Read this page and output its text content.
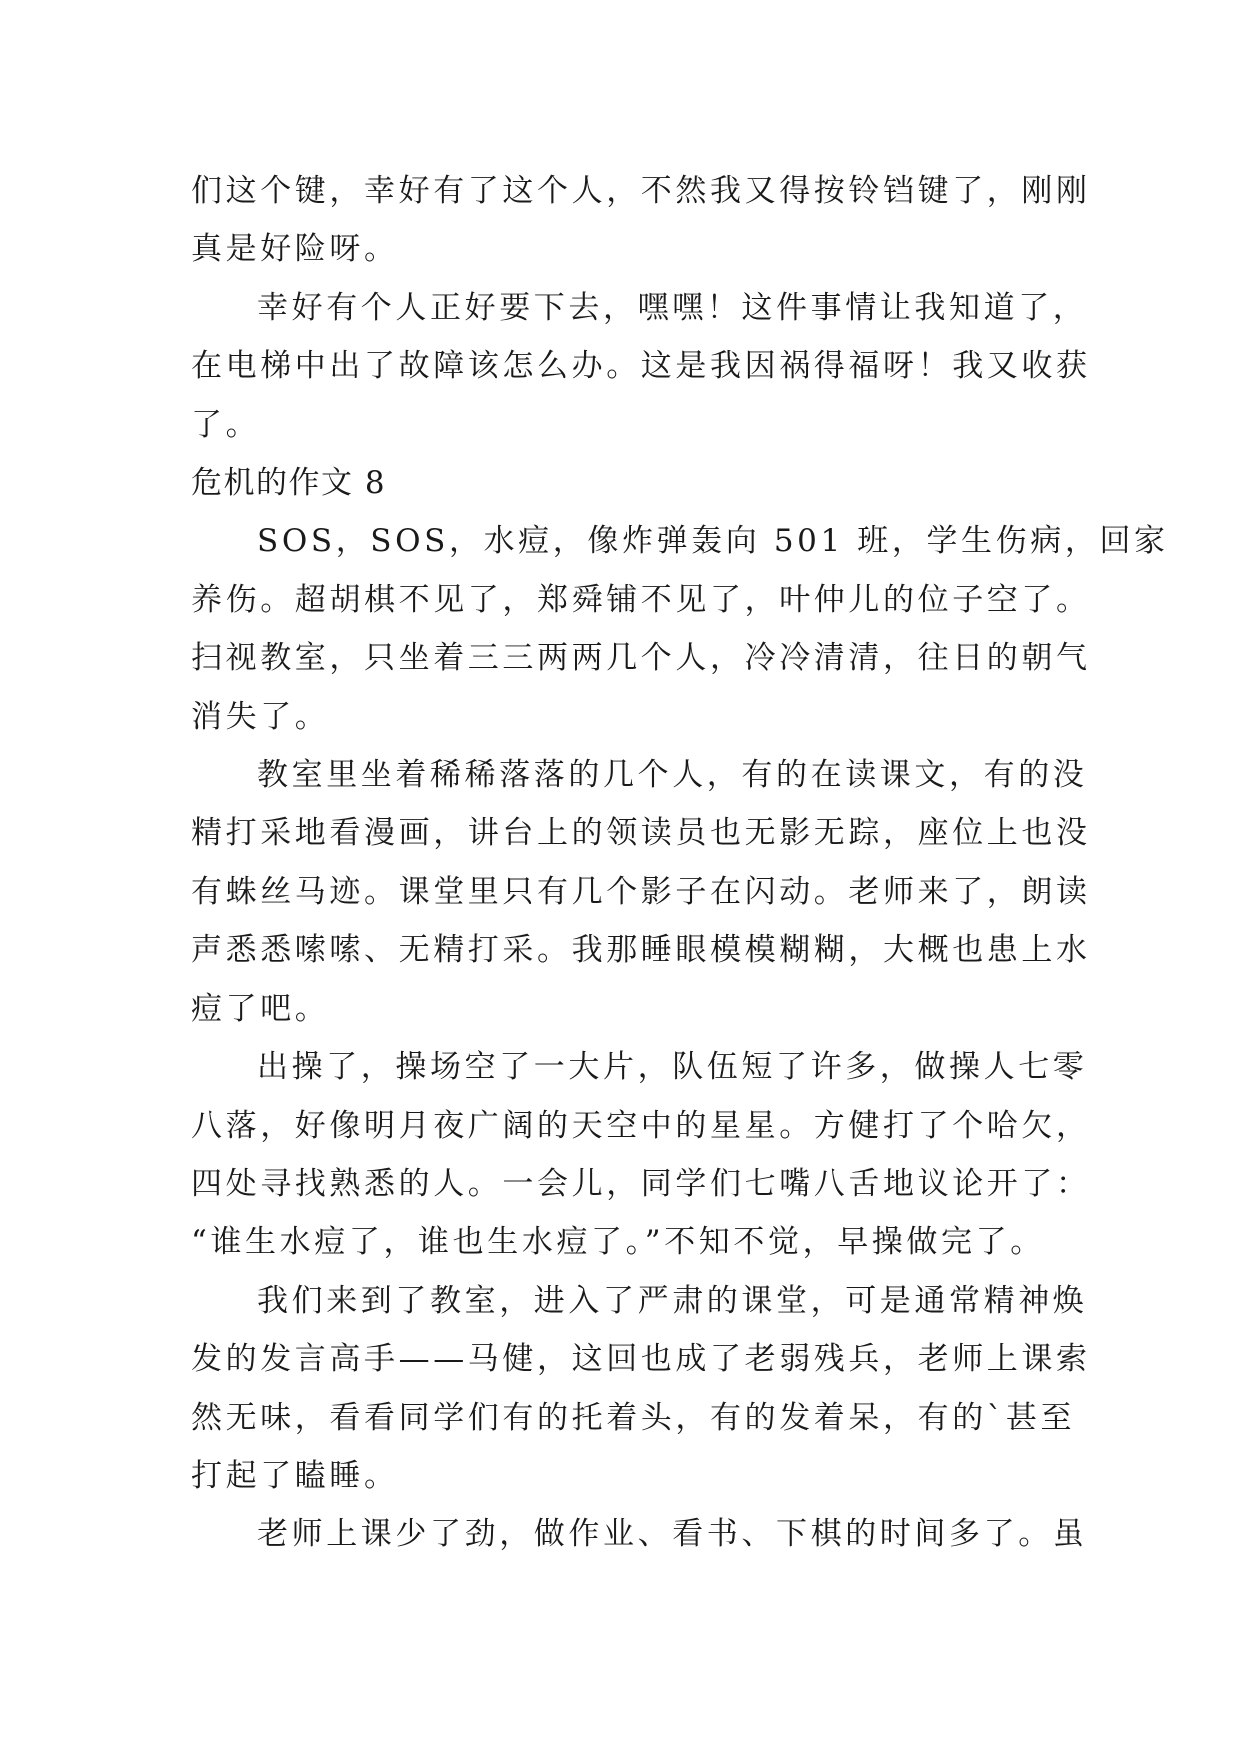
们这个键，幸好有了这个人，不然我又得按铃铛键了，刚刚

真是好险呀。

幸好有个人正好要下去，嘿嘿！这件事情让我知道了，

在电梯中出了故障该怎么办。这是我因祸得福呀！我又收获

了。

危机的作文 8

SOS，SOS，水痘，像炸弹轰向 501 班，学生伤病，回家

养伤。超胡棋不见了，郑舜铺不见了，叶仲儿的位子空了。

扫视教室，只坐着三三两两几个人，冷冷清清，往日的朝气

消失了。

教室里坐着稀稀落落的几个人，有的在读课文，有的没

精打采地看漫画，讲台上的领读员也无影无踪，座位上也没

有蛛丝马迹。课堂里只有几个影子在闪动。老师来了，朗读

声悉悉嗦嗦、无精打采。我那睡眼模模糊糊，大概也患上水

痘了吧。

出操了，操场空了一大片，队伍短了许多，做操人七零

八落，好像明月夜广阔的天空中的星星。方健打了个哈欠，

四处寻找熟悉的人。一会儿，同学们七嘴八舌地议论开了：

“谁生水痘了，谁也生水痘了。”不知不觉，早操做完了。

我们来到了教室，进入了严肃的课堂，可是通常精神焕

发的发言高手——马健，这回也成了老弱残兵，老师上课索

然无味，看看同学们有的托着头，有的发着呆，有的`甚至

打起了瞌睡。

老师上课少了劲，做作业、看书、下棋的时间多了。虽
